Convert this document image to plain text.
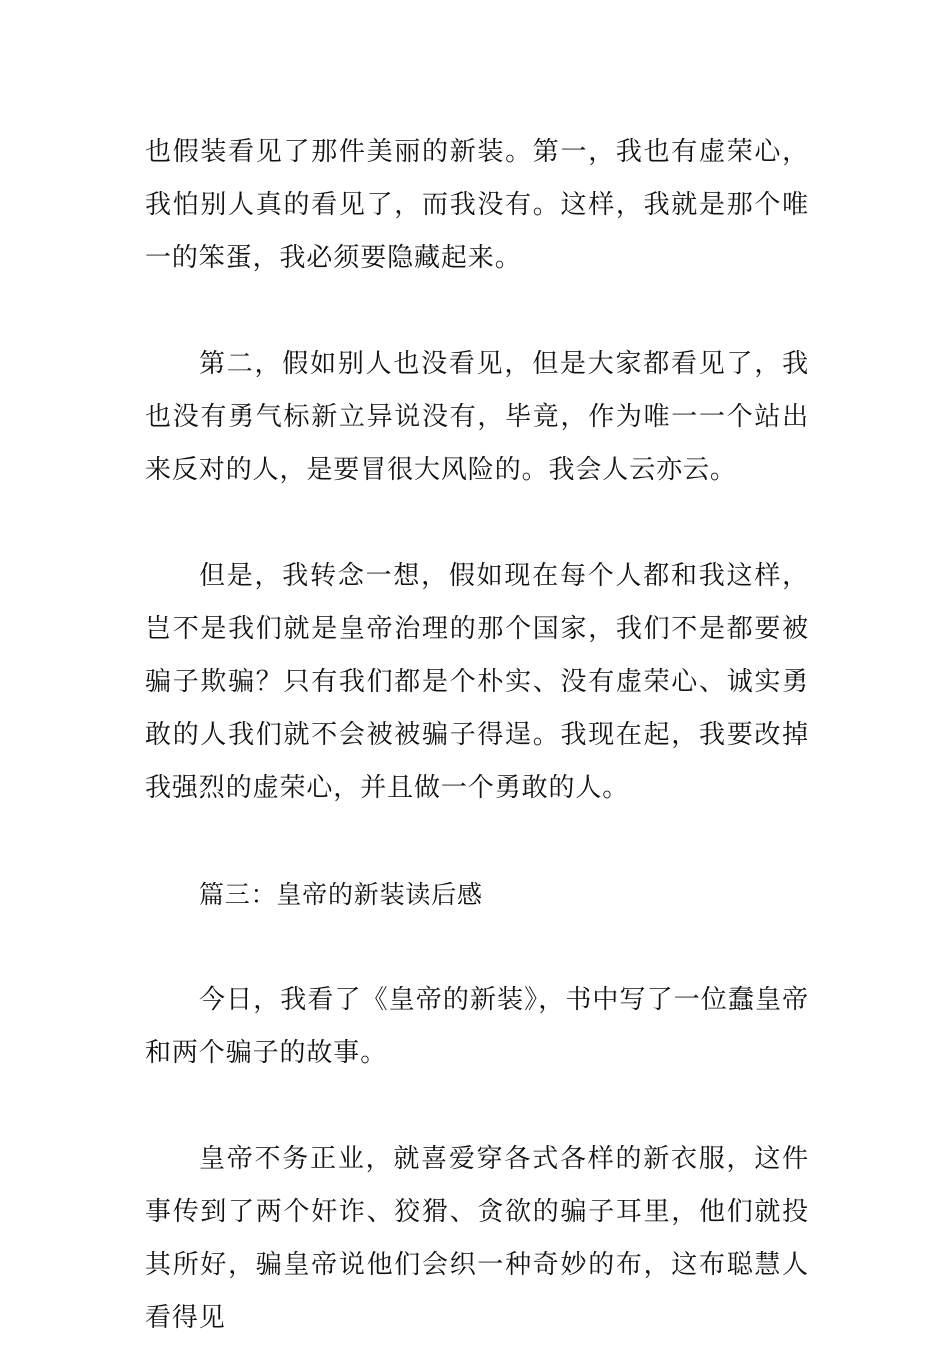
也假装看见了那件美丽的新装。第一，我也有虚荣心，我怕别人真的看见了，而我没有。这样，我就是那个唯一的笨蛋，我必须要隐藏起来。

第二，假如别人也没看见，但是大家都看见了，我也没有勇气标新立异说没有，毕竟，作为唯一一个站出来反对的人，是要冒很大风险的。我会人云亦云。

但是，我转念一想，假如现在每个人都和我这样，岂不是我们就是皇帝治理的那个国家，我们不是都要被骗子欺骗？只有我们都是个朴实、没有虚荣心、诚实勇敢的人我们就不会被被骗子得逞。我现在起，我要改掉我强烈的虚荣心，并且做一个勇敢的人。

篇三：皇帝的新装读后感

今日，我看了《皇帝的新装》，书中写了一位蠢皇帝和两个骗子的故事。

皇帝不务正业，就喜爱穿各式各样的新衣服，这件事传到了两个奸诈、狡猾、贪欲的骗子耳里，他们就投其所好，骗皇帝说他们会织一种奇妙的布，这布聪慧人看得见
